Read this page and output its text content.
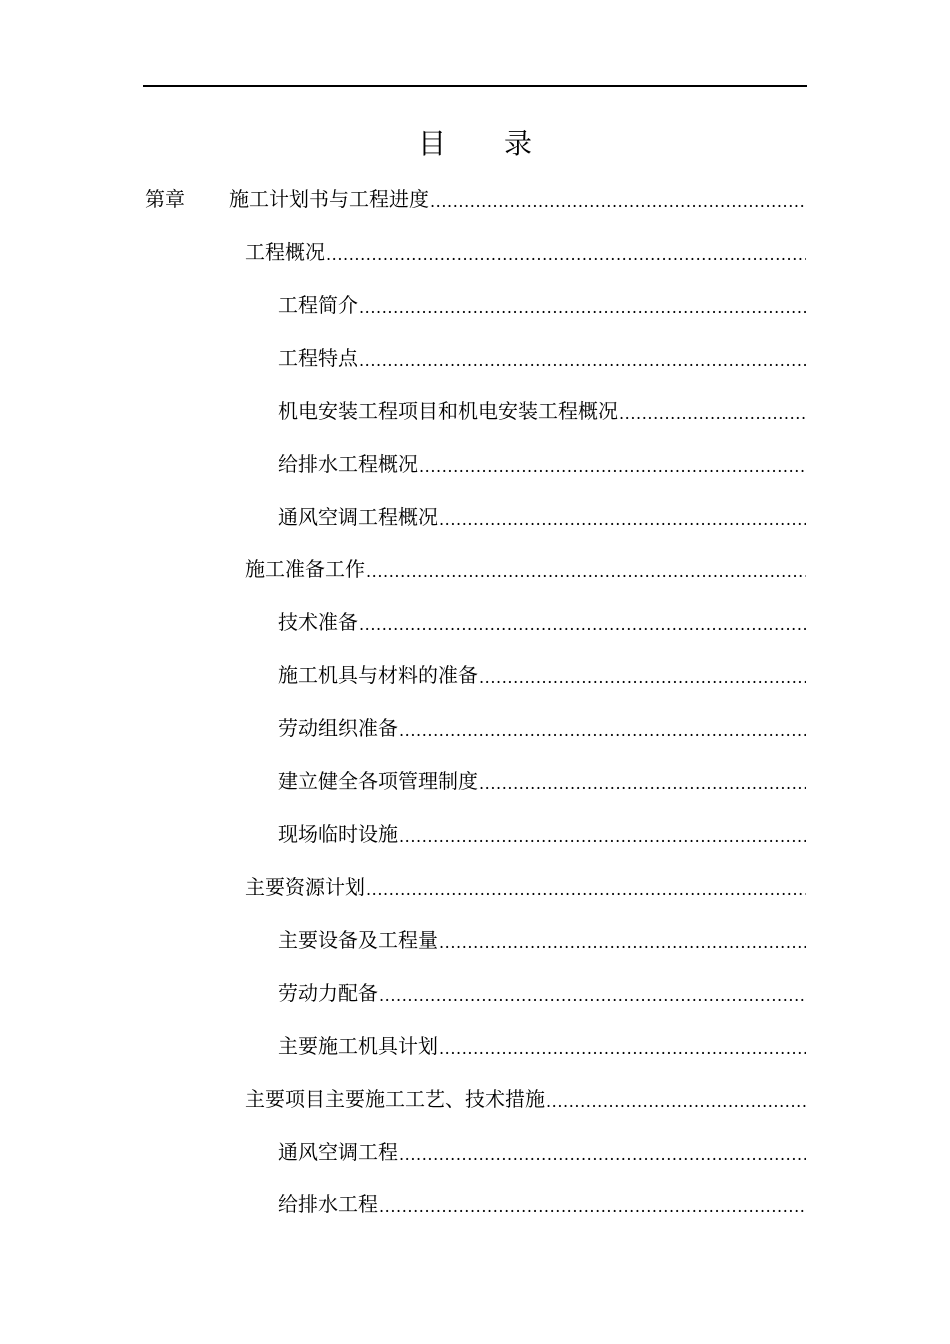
目 录
第章	施工计划书与工程进度
.....
工程概况
.....
工程简介
.....
工程特点
.....
机电安装工程项目和机电安装工程概况
.....
给排水工程概况
.....
通风空调工程概况
.....
施工准备工作
.....
技术准备
.....
施工机具与材料的准备
.....
劳动组织准备
.....
建立健全各项管理制度
.....
现场临时设施
.....
主要资源计划
.....
主要设备及工程量
.....
劳动力配备
.....
主要施工机具计划
.....
主要项目主要施工工艺、技术措施
.....
通风空调工程
.....
给排水工程
.....
